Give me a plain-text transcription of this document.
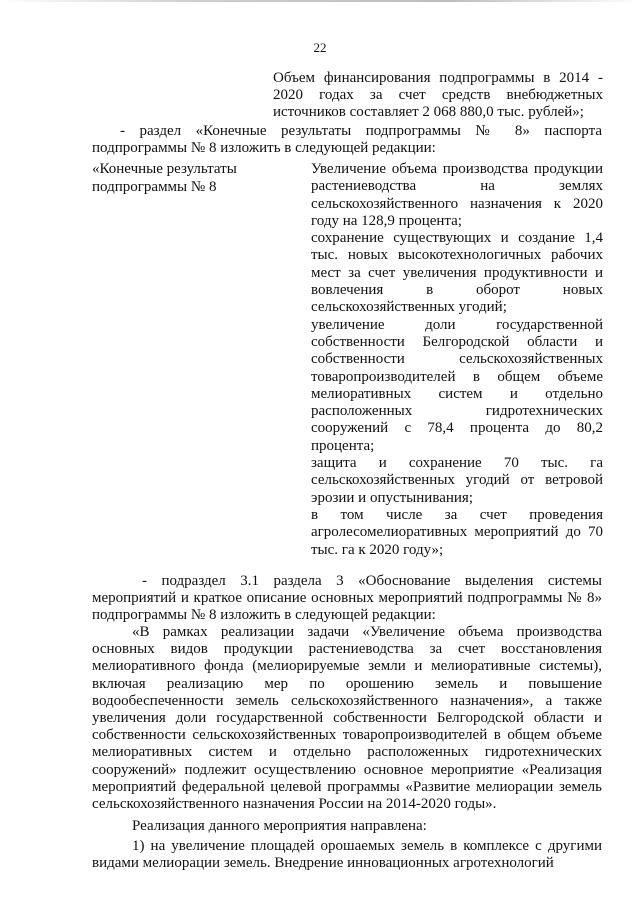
22

Объем финансирования подпрограммы в 2014 - 2020 годах за счет средств внебюджетных источников составляет 2 068 880,0 тыс. рублей»;

- раздел «Конечные результаты подпрограммы № 8» паспорта подпрограммы № 8 изложить в следующей редакции:

«Конечные результаты подпрограммы № 8

Увеличение объема производства продукции растениеводства на землях сельскохозяйственного назначения к 2020 году на 128,9 процента;

сохранение существующих и создание 1,4 тыс. новых высокотехнологичных рабочих мест за счет увеличения продуктивности и вовлечения в оборот новых сельскохозяйственных угодий;

увеличение доли государственной собственности Белгородской области и собственности сельскохозяйственных товаропроизводителей в общем объеме мелиоративных систем и отдельно расположенных гидротехнических сооружений с 78,4 процента до 80,2 процента;

защита и сохранение 70 тыс. га сельскохозяйственных угодий от ветровой эрозии и опустынивания;

в том числе за счет проведения агролесомелиоративных мероприятий до 70 тыс. га к 2020 году»;

- подраздел 3.1 раздела 3 «Обоснование выделения системы мероприятий и краткое описание основных мероприятий подпрограммы № 8» подпрограммы № 8 изложить в следующей редакции:

«В рамках реализации задачи «Увеличение объема производства основных видов продукции растениеводства за счет восстановления мелиоративного фонда (мелиорируемые земли и мелиоративные системы), включая реализацию мер по орошению земель и повышение водообеспеченности земель сельскохозяйственного назначения», а также увеличения доли государственной собственности Белгородской области и собственности сельскохозяйственных товаропроизводителей в общем объеме мелиоративных систем и отдельно расположенных гидротехнических сооружений» подлежит осуществлению основное мероприятие «Реализация мероприятий федеральной целевой программы «Развитие мелиорации земель сельскохозяйственного назначения России на 2014-2020 годы».

Реализация данного мероприятия направлена:

1) на увеличение площадей орошаемых земель в комплексе с другими видами мелиорации земель. Внедрение инновационных агротехнологий
